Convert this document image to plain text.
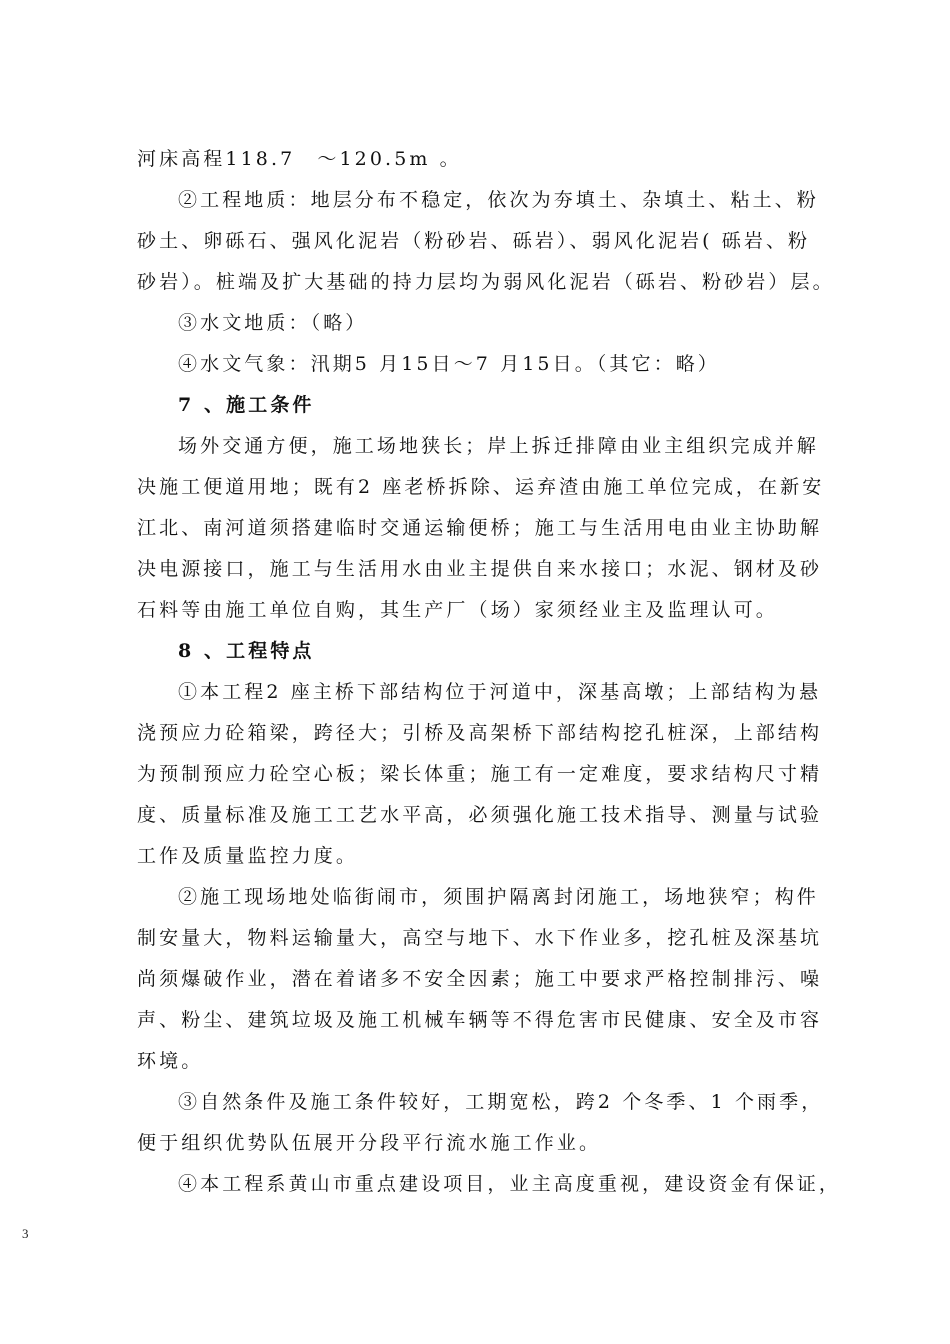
河床高程118.7　～120.5m 。
②工程地质：地层分布不稳定，依次为夯填土、杂填土、粘土、粉
砂土、卵砾石、强风化泥岩（粉砂岩、砾岩）、弱风化泥岩( 砾岩、粉
砂岩）。桩端及扩大基础的持力层均为弱风化泥岩（砾岩、粉砂岩）层。
③水文地质：（略）
④水文气象：汛期5 月15日～7 月15日。（其它：略）
7 、施工条件
场外交通方便，施工场地狭长；岸上拆迁排障由业主组织完成并解
决施工便道用地；既有2 座老桥拆除、运弃渣由施工单位完成，在新安
江北、南河道须搭建临时交通运输便桥；施工与生活用电由业主协助解
决电源接口，施工与生活用水由业主提供自来水接口；水泥、钢材及砂
石料等由施工单位自购，其生产厂（场）家须经业主及监理认可。
8 、工程特点
①本工程2 座主桥下部结构位于河道中，深基高墩；上部结构为悬
浇预应力砼箱梁，跨径大；引桥及高架桥下部结构挖孔桩深，上部结构
为预制预应力砼空心板；梁长体重；施工有一定难度，要求结构尺寸精
度、质量标准及施工工艺水平高，必须强化施工技术指导、测量与试验
工作及质量监控力度。
②施工现场地处临街闹市，须围护隔离封闭施工，场地狭窄；构件
制安量大，物料运输量大，高空与地下、水下作业多，挖孔桩及深基坑
尚须爆破作业，潜在着诸多不安全因素；施工中要求严格控制排污、噪
声、粉尘、建筑垃圾及施工机械车辆等不得危害市民健康、安全及市容
环境。
③自然条件及施工条件较好，工期宽松，跨2 个冬季、1 个雨季，
便于组织优势队伍展开分段平行流水施工作业。
④本工程系黄山市重点建设项目，业主高度重视，建设资金有保证，
3
